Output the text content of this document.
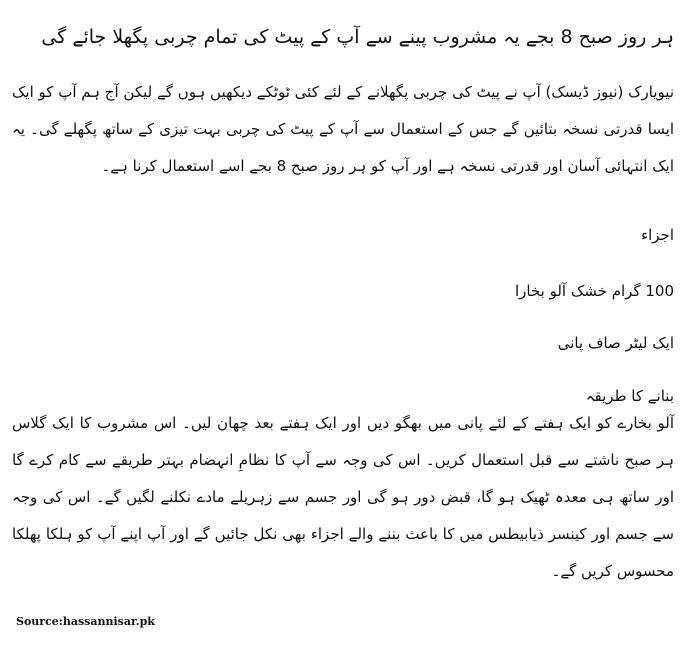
ہر روز صبح 8 بجے یہ مشروب پینے سے آپ کے پیٹ کی تمام چربی پگھلا جائے گی
نیویارک (نیوز ڈیسک) آپ نے پیٹ کی چربی پگھلانے کے لئے کئی ٹوٹکے دیکھیں ہوں گے لیکن آج ہم آپ کو ایک ایسا قدرتی نسخہ بتائیں گے جس کے استعمال سے آپ کے پیٹ کی چربی بہت تیزی کے ساتھ پگھلے گی۔ یہ ایک انتہائی آسان اور قدرتی نسخہ ہے اور آپ کو ہر روز صبح 8 بجے اسے استعمال کرنا ہے۔
اجزاء
100 گرام خشک آلو بخارا
ایک لیٹر صاف پانی
بنانے کا طریقہ
آلو بخارے کو ایک ہفتے کے لئے پانی میں بھگو دیں اور ایک ہفتے بعد چھان لیں۔ اس مشروب کا ایک گلاس ہر صبح ناشتے سے قبل استعمال کریں۔ اس کی وجہ سے آپ کا نظامِ انہضام بہتر طریقے سے کام کرے گا اور ساتھ ہی معدہ ٹھیک ہو گا، قبض دور ہو گی اور جسم سے زہریلے مادے نکلنے لگیں گے۔ اس کی وجہ سے جسم اور کینسر ذیابیطس میں کا باعث بننے والے اجزاء بھی نکل جائیں گے اور آپ اپنے آپ کو ہلکا پھلکا محسوس کریں گے۔
Source:hassannisar.pk
